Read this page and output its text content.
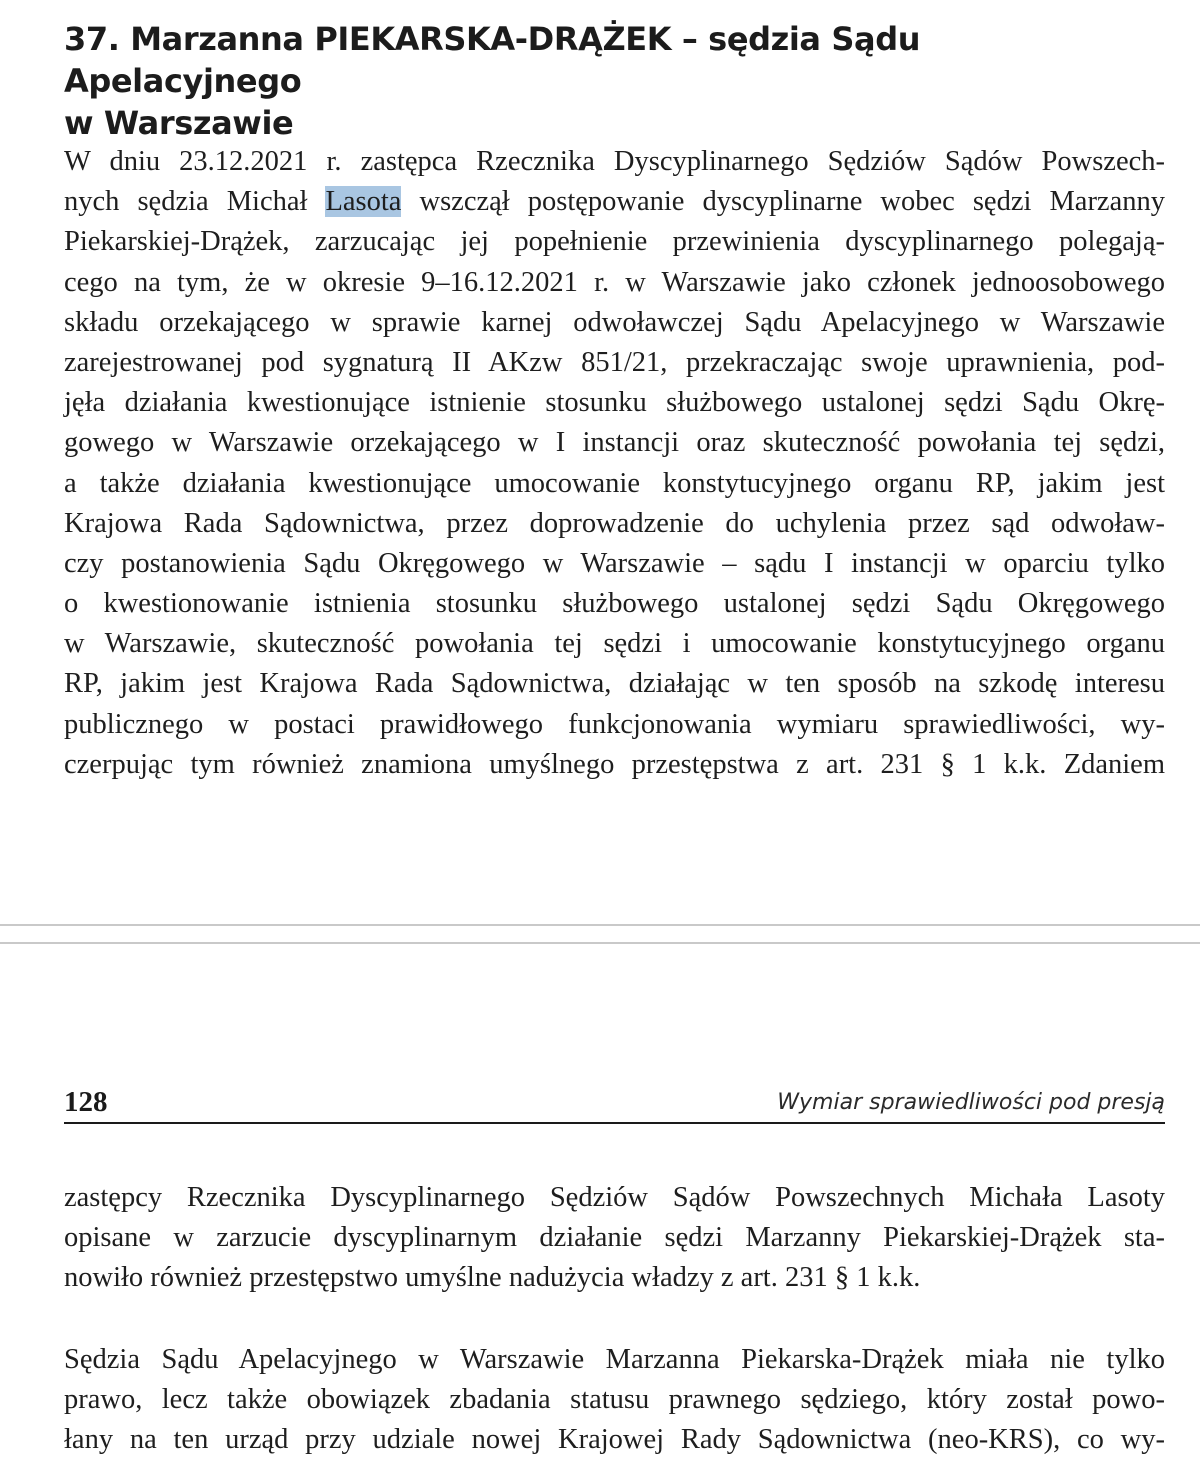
37. Marzanna PIEKARSKA-DRĄŻEK – sędzia Sądu Apelacyjnego
w Warszawie
W dniu 23.12.2021 r. zastępca Rzecznika Dyscyplinarnego Sędziów Sądów Powszech-
nych sędzia Michał Lasota wszczął postępowanie dyscyplinarne wobec sędzi Marzanny
Piekarskiej-Drążek, zarzucając jej popełnienie przewinienia dyscyplinarnego polegają-
cego na tym, że w okresie 9–16.12.2021 r. w Warszawie jako członek jednoosobowego
składu orzekającego w sprawie karnej odwoławczej Sądu Apelacyjnego w Warszawie
zarejestrowanej pod sygnaturą II AKzw 851/21, przekraczając swoje uprawnienia, pod-
jęła działania kwestionujące istnienie stosunku służbowego ustalonej sędzi Sądu Okrę-
gowego w Warszawie orzekającego w I instancji oraz skuteczność powołania tej sędzi,
a także działania kwestionujące umocowanie konstytucyjnego organu RP, jakim jest
Krajowa Rada Sądownictwa, przez doprowadzenie do uchylenia przez sąd odwoław-
czy postanowienia Sądu Okręgowego w Warszawie – sądu I instancji w oparciu tylko
o kwestionowanie istnienia stosunku służbowego ustalonej sędzi Sądu Okręgowego
w Warszawie, skuteczność powołania tej sędzi i umocowanie konstytucyjnego organu
RP, jakim jest Krajowa Rada Sądownictwa, działając w ten sposób na szkodę interesu
publicznego w postaci prawidłowego funkcjonowania wymiaru sprawiedliwości, wy-
czerpując tym również znamiona umyślnego przestępstwa z art. 231 § 1 k.k. Zdaniem
128	Wymiar sprawiedliwości pod presją
zastępcy Rzecznika Dyscyplinarnego Sędziów Sądów Powszechnych Michała Lasoty
opisane w zarzucie dyscyplinarnym działanie sędzi Marzanny Piekarskiej-Drążek sta-
nowiło również przestępstwo umyślne nadużycia władzy z art. 231 § 1 k.k.
Sędzia Sądu Apelacyjnego w Warszawie Marzanna Piekarska-Drążek miała nie tylko
prawo, lecz także obowiązek zbadania statusu prawnego sędziego, który został powo-
łany na ten urząd przy udziale nowej Krajowej Rady Sądownictwa (neo-KRS), co wy-
